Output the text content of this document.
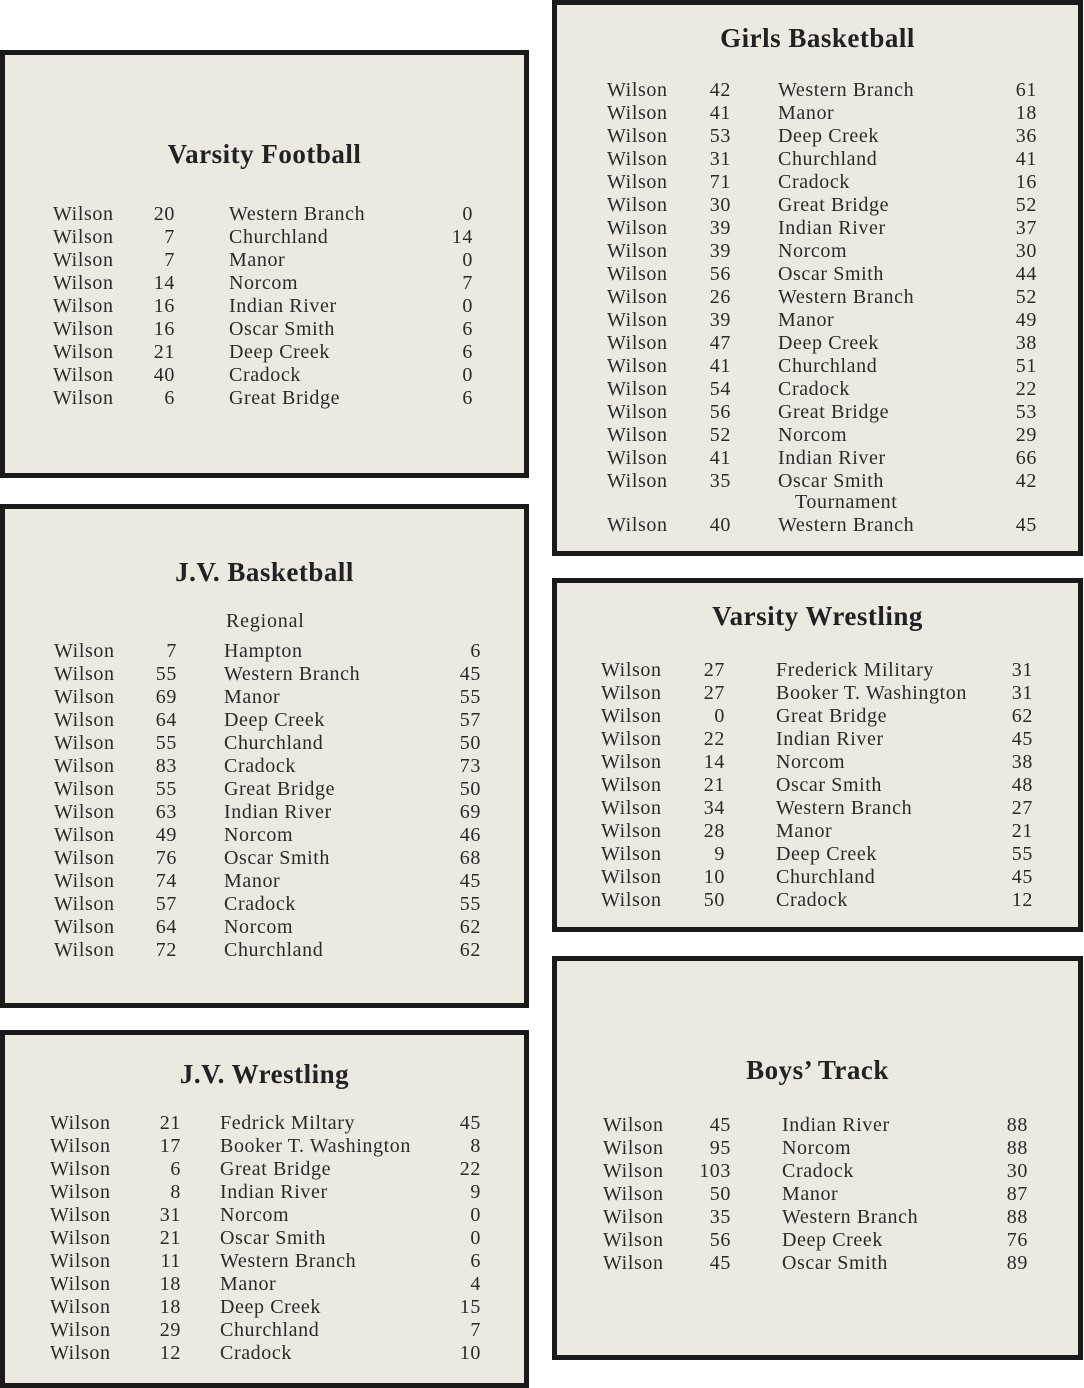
Varsity Football
Wilson	20	Western Branch	0
Wilson	7	Churchland	14
Wilson	7	Manor	0
Wilson	14	Norcom	7
Wilson	16	Indian River	0
Wilson	16	Oscar Smith	6
Wilson	21	Deep Creek	6
Wilson	40	Cradock	0
Wilson	6	Great Bridge	6
J.V. Basketball
Regional
Wilson	7 Hampton	6
Wilson	55 Western Branch	45
Wilson	69 Manor	55
Wilson	64 Deep Creek	57
Wilson	55 Churchland	50
Wilson	83 Cradock	73
Wilson	55 Great Bridge	50
Wilson	63 Indian River	69
Wilson	49 Norcom	46
Wilson	76 Oscar Smith	68
Wilson	74 Manor	45
Wilson	57 Cradock	55
Wilson	64 Norcom	62
Wilson	72 Churchland	62
J.V. Wrestling
Wilson	21 Fedrick Miltary	45
Wilson	17 Booker T. Washington	8
Wilson	6 Great Bridge	22
Wilson	8 Indian River	9
Wilson	31 Norcom	0
Wilson	21 Oscar Smith	0
Wilson	11 Western Branch	6
Wilson	18 Manor	4
Wilson	18 Deep Creek	15
Wilson	29 Churchland	7
Wilson	12 Cradock	10
Girls Basketball
Wilson	42 Western Branch	61
Wilson	41 Manor	18
Wilson	53 Deep Creek	36
Wilson	31 Churchland	41
Wilson	71 Cradock	16
Wilson	30 Great Bridge	52
Wilson	39 Indian River	37
Wilson	39 Norcom	30
Wilson	56 Oscar Smith	44
Wilson	26 Western Branch	52
Wilson	39 Manor	49
Wilson	47 Deep Creek	38
Wilson	41 Churchland	51
Wilson	54 Cradock	22
Wilson	56 Great Bridge	53
Wilson	52 Norcom	29
Wilson	41 Indian River	66
Wilson	35 Oscar Smith	42
Tournament
Wilson	40 Western Branch	45
Varsity Wrestling
Wilson	27	Frederick Military	31
Wilson	27	Booker T. Washington	31
Wilson	0	Great Bridge	62
Wilson	22	Indian River	45
Wilson	14	Norcom	38
Wilson	21	Oscar Smith	48
Wilson	34	Western Branch	27
Wilson	28	Manor	21
Wilson	9	Deep Creek	55
Wilson	10	Churchland	45
Wilson	50	Cradock	12
Boys’ Track
Wilson	45	Indian River	88
Wilson	95	Norcom	88
Wilson	103	Cradock	30
Wilson	50	Manor	87
Wilson	35	Western Branch	88
Wilson	56	Deep Creek	76
Wilson	45	Oscar Smith	89
